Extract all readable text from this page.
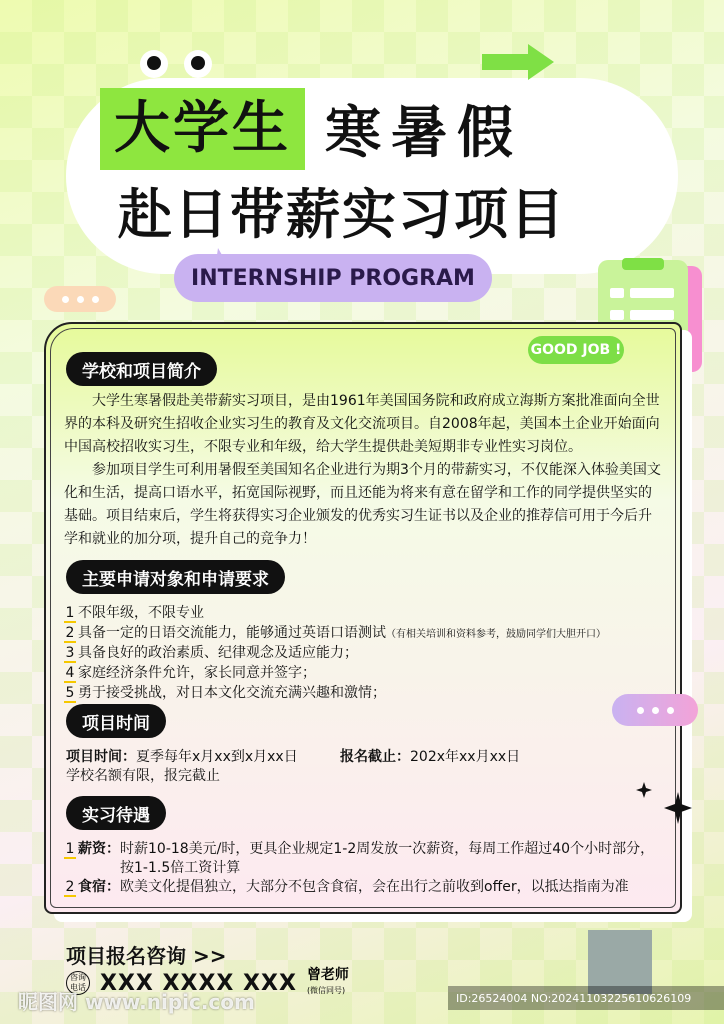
大学生 寒暑假
赴日带薪实习项目
INTERNSHIP PROGRAM
GOOD JOB !
学校和项目简介

大学生寒暑假赴美带薪实习项目，是由1961年美国国务院和政府成立海斯方案批准面向全世界的本科及研究生招收企业实习生的教育及文化交流项目。自2008年起，美国本土企业开始面向中国高校招收实习生，不限专业和年级，给大学生提供赴美短期非专业性实习岗位。

参加项目学生可利用暑假至美国知名企业进行为期3个月的带薪实习，不仅能深入体验美国文化和生活，提高口语水平，拓宽国际视野，而且还能为将来有意在留学和工作的同学提供坚实的基础。项目结束后，学生将获得实习企业颁发的优秀实习生证书以及企业的推荐信可用于今后升学和就业的加分项，提升自己的竞争力！

主要申请对象和申请要求
1 不限年级，不限专业
2 具备一定的日语交流能力，能够通过英语口语测试（有相关培训和资料参考，鼓励同学们大胆开口）
3 具备良好的政治素质、纪律观念及适应能力；
4 家庭经济条件允许，家长同意并签字；
5 勇于接受挑战，对日本文化交流充满兴趣和激情；
项目时间
项目时间：夏季每年x月xx到x月xx日	报名截止：202x年xx月xx日
学校名额有限，报完截止
实习待遇
1 薪资：时薪10-18美元/时，更具企业规定1-2周发放一次薪资，每周工作超过40个小时部分，
按1-1.5倍工资计算
2 食宿：欧美文化提倡独立，大部分不包含食宿，会在出行之前收到offer，以抵达指南为准
项目报名咨询 >>
咨询电话 XXX XXXX XXX 曾老师
(微信同号)
昵图网 www.nipic.com	ID:26524004 NO:20241103225610626109
